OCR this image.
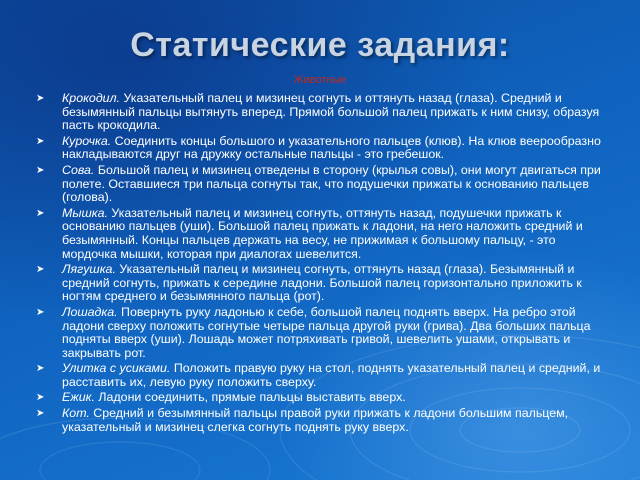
Статические задания:
Животные
➤ Крокодил. Указательный палец и мизинец согнуть и оттянуть назад (глаза). Средний и безымянный пальцы вытянуть вперед. Прямой большой палец прижать к ним снизу, образуя пасть крокодила.
➤ Курочка. Соединить концы большого и указательного пальцев (клюв). На клюв веерообразно накладываются друг на дружку остальные пальцы - это гребешок.
➤ Сова. Большой палец и мизинец отведены в сторону (крылья совы), они могут двигаться при полете. Оставшиеся три пальца согнуты так, что подушечки прижаты к основанию пальцев (голова).
➤ Мышка. Указательный палец и мизинец согнуть, оттянуть назад, подушечки прижать к основанию пальцев (уши). Большой палец прижать к ладони, на него наложить средний и безымянный. Концы пальцев держать на весу, не прижимая к большому пальцу, - это мордочка мышки, которая при диалогах шевелится.
➤ Лягушка. Указательный палец и мизинец согнуть, оттянуть назад (глаза). Безымянный и средний согнуть, прижать к середине ладони. Большой палец горизонтально приложить к ногтям среднего и безымянного пальца (рот).
➤ Лошадка. Повернуть руку ладонью к себе, большой палец поднять вверх. На ребро этой ладони сверху положить согнутые четыре пальца другой руки (грива). Два больших пальца подняты вверх (уши). Лошадь может потряхивать гривой, шевелить ушами, открывать и закрывать рот.
➤ Улитка с усиками. Положить правую руку на стол, поднять указательный палец и средний, и расставить их, левую руку положить сверху.
➤ Ежик. Ладони соединить, прямые пальцы выставить вверх.
➤ Кот. Средний и безымянный пальцы правой руки прижать к ладони большим пальцем, указательный и мизинец слегка согнуть поднять руку вверх.
